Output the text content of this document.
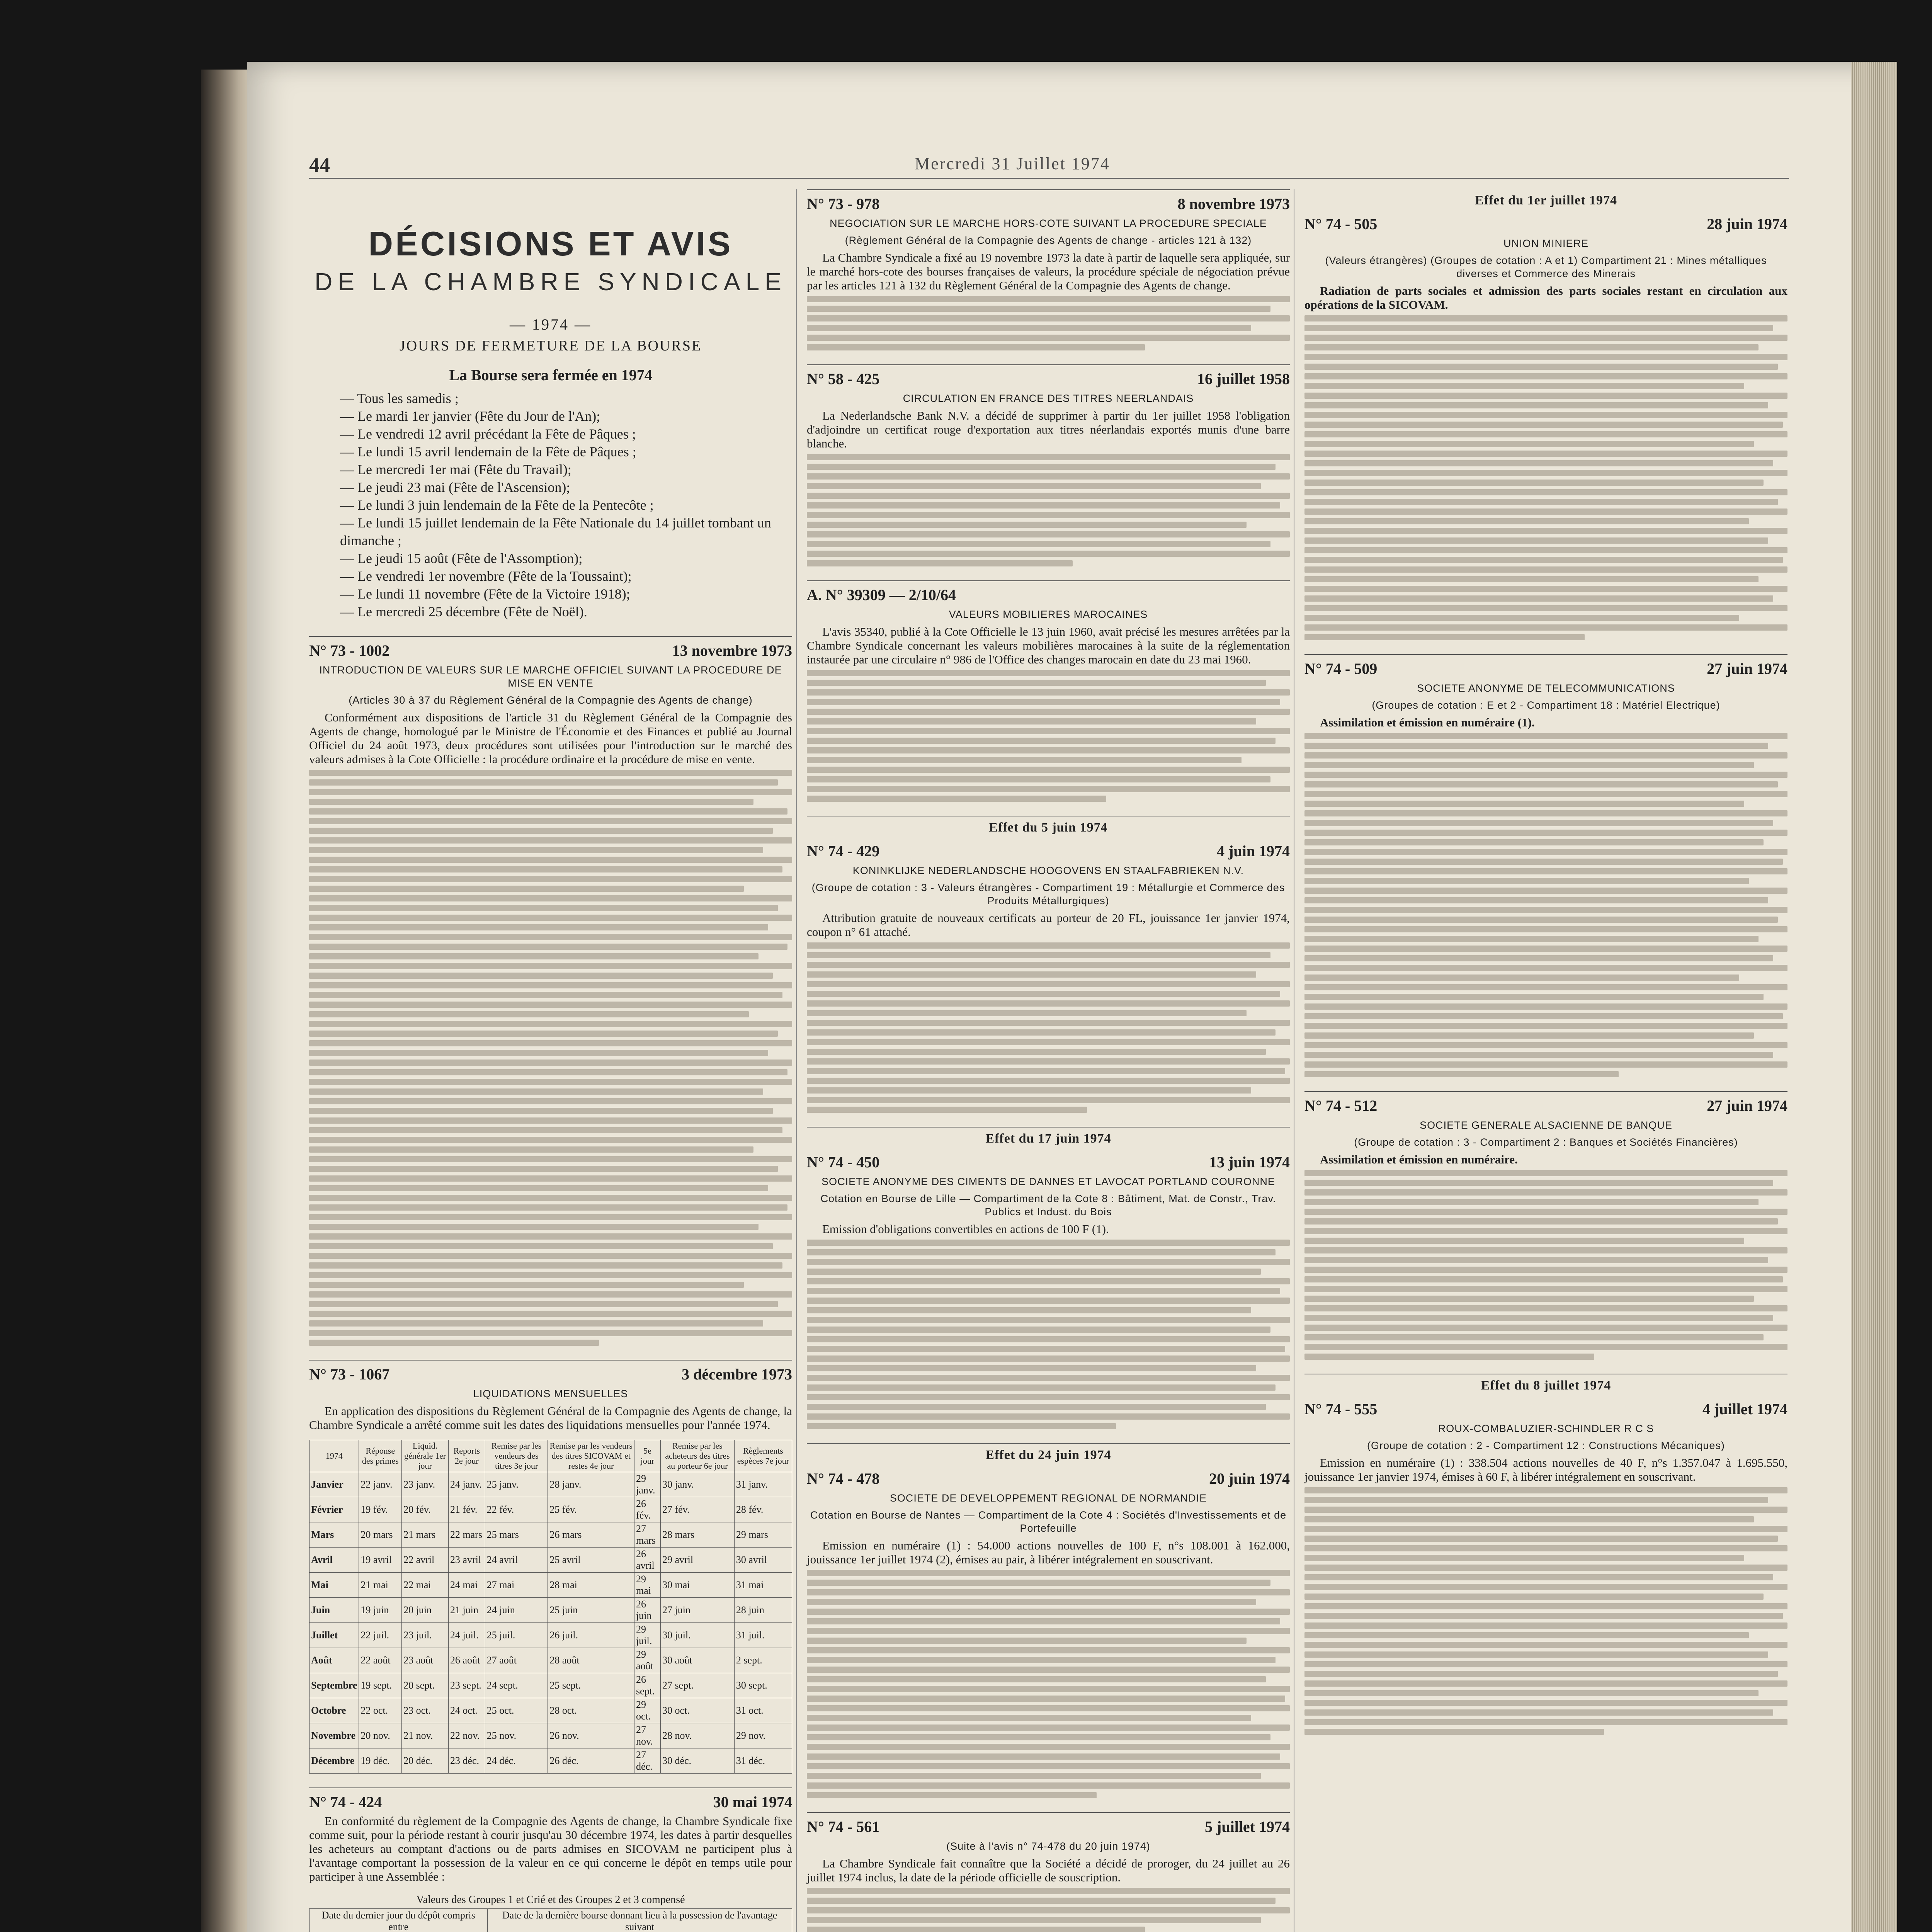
44	Mercredi 31 Juillet 1974
DÉCISIONS ET AVIS
DE LA CHAMBRE SYNDICALE
— 1974 —
JOURS DE FERMETURE DE LA BOURSE
La Bourse sera fermée en 1974
— Tous les samedis ;
— Le mardi 1er janvier (Fête du Jour de l'An);
— Le vendredi 12 avril précédant la Fête de Pâques ;
— Le lundi 15 avril lendemain de la Fête de Pâques ;
— Le mercredi 1er mai (Fête du Travail);
— Le jeudi 23 mai (Fête de l'Ascension);
— Le lundi 3 juin lendemain de la Fête de la Pentecôte ;
— Le lundi 15 juillet lendemain de la Fête Nationale du 14 juillet tombant un dimanche ;
— Le jeudi 15 août (Fête de l'Assomption);
— Le vendredi 1er novembre (Fête de la Toussaint);
— Le lundi 11 novembre (Fête de la Victoire 1918);
— Le mercredi 25 décembre (Fête de Noël).
N° 73 - 1002	13 novembre 1973
INTRODUCTION DE VALEURS SUR LE MARCHE OFFICIEL SUIVANT LA PROCEDURE DE MISE EN VENTE
(Articles 30 à 37 du Règlement Général de la Compagnie des Agents de change)

Conformément aux dispositions de l'article 31 du Règlement Général de la Compagnie des Agents de change, homologué par le Ministre de l'Économie et des Finances et publié au Journal Officiel du 24 août 1973, deux procédures sont utilisées pour l'introduction sur le marché des valeurs admises à la Cote Officielle : la procédure ordinaire et la procédure de mise en vente.

N° 73 - 1067	3 décembre 1973
LIQUIDATIONS MENSUELLES

En application des dispositions du Règlement Général de la Compagnie des Agents de change, la Chambre Syndicale a arrêté comme suit les dates des liquidations mensuelles pour l'année 1974.

1974	Réponse des primes	Liquid. générale 1er jour	Reports 2e jour	Remise par les vendeurs des titres 3e jour	Remise par les vendeurs des titres SICOVAM et restes 4e jour	5e jour	Remise par les acheteurs des titres au porteur 6e jour	Règlements espèces 7e jour
Janvier	22 janv.	23 janv.	24 janv.	25 janv.	28 janv.	29 janv.	30 janv.	31 janv.
Février	19 fév.	20 fév.	21 fév.	22 fév.	25 fév.	26 fév.	27 fév.	28 fév.
Mars	20 mars	21 mars	22 mars	25 mars	26 mars	27 mars	28 mars	29 mars
Avril	19 avril	22 avril	23 avril	24 avril	25 avril	26 avril	29 avril	30 avril
Mai	21 mai	22 mai	24 mai	27 mai	28 mai	29 mai	30 mai	31 mai
Juin	19 juin	20 juin	21 juin	24 juin	25 juin	26 juin	27 juin	28 juin
Juillet	22 juil.	23 juil.	24 juil.	25 juil.	26 juil.	29 juil.	30 juil.	31 juil.
Août	22 août	23 août	26 août	27 août	28 août	29 août	30 août	2 sept.
Septembre	19 sept.	20 sept.	23 sept.	24 sept.	25 sept.	26 sept.	27 sept.	30 sept.
Octobre	22 oct.	23 oct.	24 oct.	25 oct.	28 oct.	29 oct.	30 oct.	31 oct.
Novembre	20 nov.	21 nov.	22 nov.	25 nov.	26 nov.	27 nov.	28 nov.	29 nov.
Décembre	19 déc.	20 déc.	23 déc.	24 déc.	26 déc.	27 déc.	30 déc.	31 déc.
N° 74 - 424	30 mai 1974

En conformité du règlement de la Compagnie des Agents de change, la Chambre Syndicale fixe comme suit, pour la période restant à courir jusqu'au 30 décembre 1974, les dates à partir desquelles les acheteurs au comptant d'actions ou de parts admises en SICOVAM ne participent plus à l'avantage comportant la possession de la valeur en ce qui concerne le dépôt en temps utile pour participer à une Assemblée :

Valeurs des Groupes 1 et Crié et des Groupes 2 et 3 compensé
Date du dernier jour du dépôt compris entre	Date de la dernière bourse donnant lieu à la possession de l'avantage suivant

N° 73 - 978	8 novembre 1973
NEGOCIATION SUR LE MARCHE HORS-COTE SUIVANT LA PROCEDURE SPECIALE
(Règlement Général de la Compagnie des Agents de change - articles 121 à 132)

La Chambre Syndicale a fixé au 19 novembre 1973 la date à partir de laquelle sera appliquée, sur le marché hors-cote des bourses françaises de valeurs, la procédure spéciale de négociation prévue par les articles 121 à 132 du Règlement Général de la Compagnie des Agents de change.

N° 58 - 425	16 juillet 1958
CIRCULATION EN FRANCE DES TITRES NEERLANDAIS

La Nederlandsche Bank N.V. a décidé de supprimer à partir du 1er juillet 1958 l'obligation d'adjoindre un certificat rouge d'exportation aux titres néerlandais exportés munis d'une barre blanche.

A. N° 39309 — 2/10/64
VALEURS MOBILIERES MAROCAINES

L'avis 35340, publié à la Cote Officielle le 13 juin 1960, avait précisé les mesures arrêtées par la Chambre Syndicale concernant les valeurs mobilières marocaines à la suite de la réglementation instaurée par une circulaire n° 986 de l'Office des changes marocain en date du 23 mai 1960.

Effet du 5 juin 1974
N° 74 - 429	4 juin 1974
KONINKLIJKE NEDERLANDSCHE HOOGOVENS EN STAALFABRIEKEN N.V.
(Groupe de cotation : 3 - Valeurs étrangères - Compartiment 19 : Métallurgie et Commerce des Produits Métallurgiques)

Attribution gratuite de nouveaux certificats au porteur de 20 FL, jouissance 1er janvier 1974, coupon n° 61 attaché.

Effet du 17 juin 1974
N° 74 - 450	13 juin 1974
SOCIETE ANONYME DES CIMENTS DE DANNES ET LAVOCAT PORTLAND COURONNE
Cotation en Bourse de Lille — Compartiment de la Cote 8 : Bâtiment, Mat. de Constr., Trav. Publics et Indust. du Bois

Emission d'obligations convertibles en actions de 100 F (1).

Effet du 24 juin 1974
N° 74 - 478	20 juin 1974
SOCIETE DE DEVELOPPEMENT REGIONAL DE NORMANDIE
Cotation en Bourse de Nantes — Compartiment de la Cote 4 : Sociétés d'Investissements et de Portefeuille

Emission en numéraire (1) : 54.000 actions nouvelles de 100 F, n°s 108.001 à 162.000, jouissance 1er juillet 1974 (2), émises au pair, à libérer intégralement en souscrivant.

N° 74 - 561	5 juillet 1974
(Suite à l'avis n° 74-478 du 20 juin 1974)

La Chambre Syndicale fait connaître que la Société a décidé de proroger, du 24 juillet au 26 juillet 1974 inclus, la date de la période officielle de souscription.

Effet du 1er juillet 1974
N° 74 - 505	28 juin 1974
UNION MINIERE
(Valeurs étrangères) (Groupes de cotation : A et 1) Compartiment 21 : Mines métalliques diverses et Commerce des Minerais

Radiation de parts sociales et admission des parts sociales restant en circulation aux opérations de la SICOVAM.

N° 74 - 509	27 juin 1974
SOCIETE ANONYME DE TELECOMMUNICATIONS
(Groupes de cotation : E et 2 - Compartiment 18 : Matériel Electrique)

Assimilation et émission en numéraire (1).

N° 74 - 512	27 juin 1974
SOCIETE GENERALE ALSACIENNE DE BANQUE
(Groupe de cotation : 3 - Compartiment 2 : Banques et Sociétés Financières)

Assimilation et émission en numéraire.

Effet du 8 juillet 1974
N° 74 - 555	4 juillet 1974
ROUX-COMBALUZIER-SCHINDLER R C S
(Groupe de cotation : 2 - Compartiment 12 : Constructions Mécaniques)

Emission en numéraire (1) : 338.504 actions nouvelles de 40 F, n°s 1.357.047 à 1.695.550, jouissance 1er janvier 1974, émises à 60 F, à libérer intégralement en souscrivant.
